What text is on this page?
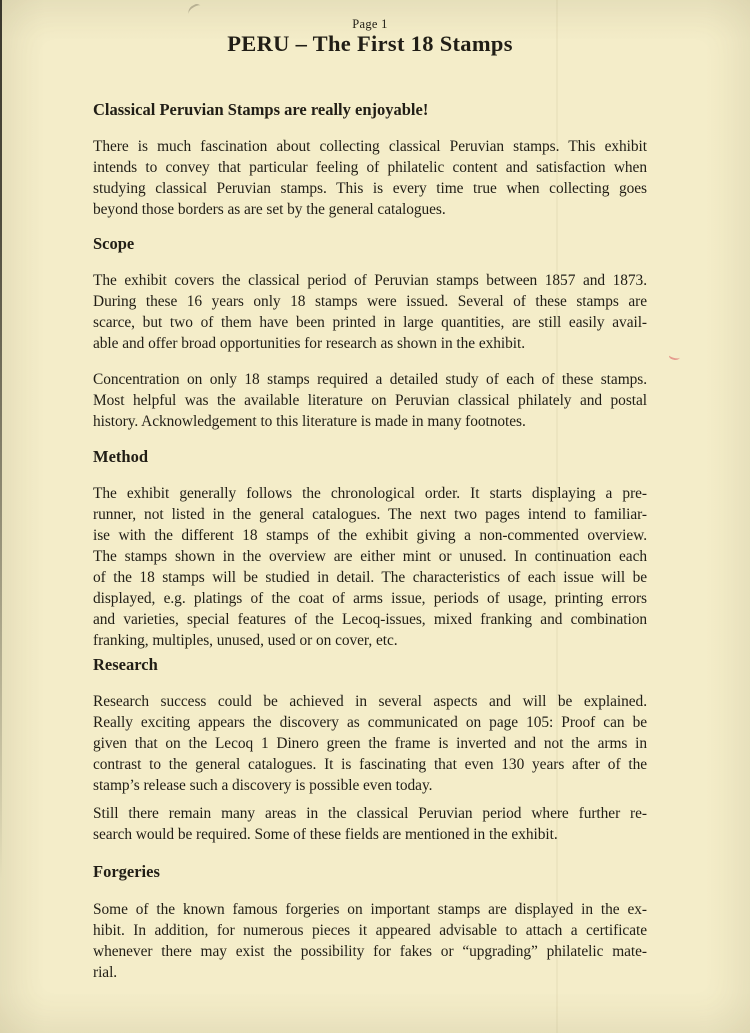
Page 1
PERU – The First 18 Stamps
Classical Peruvian Stamps are really enjoyable!
There is much fascination about collecting classical Peruvian stamps. This exhibit
intends to convey that particular feeling of philatelic content and satisfaction when
studying classical Peruvian stamps. This is every time true when collecting goes
beyond those borders as are set by the general catalogues.
Scope
The exhibit covers the classical period of Peruvian stamps between 1857 and 1873.
During these 16 years only 18 stamps were issued. Several of these stamps are
scarce, but two of them have been printed in large quantities, are still easily avail-
able and offer broad opportunities for research as shown in the exhibit.
Concentration on only 18 stamps required a detailed study of each of these stamps.
Most helpful was the available literature on Peruvian classical philately and postal
history. Acknowledgement to this literature is made in many footnotes.
Method
The exhibit generally follows the chronological order. It starts displaying a pre-
runner, not listed in the general catalogues. The next two pages intend to familiar-
ise with the different 18 stamps of the exhibit giving a non-commented overview.
The stamps shown in the overview are either mint or unused. In continuation each
of the 18 stamps will be studied in detail. The characteristics of each issue will be
displayed, e.g. platings of the coat of arms issue, periods of usage, printing errors
and varieties, special features of the Lecoq-issues, mixed franking and combination
franking, multiples, unused, used or on cover, etc.
Research
Research success could be achieved in several aspects and will be explained.
Really exciting appears the discovery as communicated on page 105: Proof can be
given that on the Lecoq 1 Dinero green the frame is inverted and not the arms in
contrast to the general catalogues. It is fascinating that even 130 years after of the
stamp’s release such a discovery is possible even today.
Still there remain many areas in the classical Peruvian period where further re-
search would be required. Some of these fields are mentioned in the exhibit.
Forgeries
Some of the known famous forgeries on important stamps are displayed in the ex-
hibit. In addition, for numerous pieces it appeared advisable to attach a certificate
whenever there may exist the possibility for fakes or “upgrading” philatelic mate-
rial.
